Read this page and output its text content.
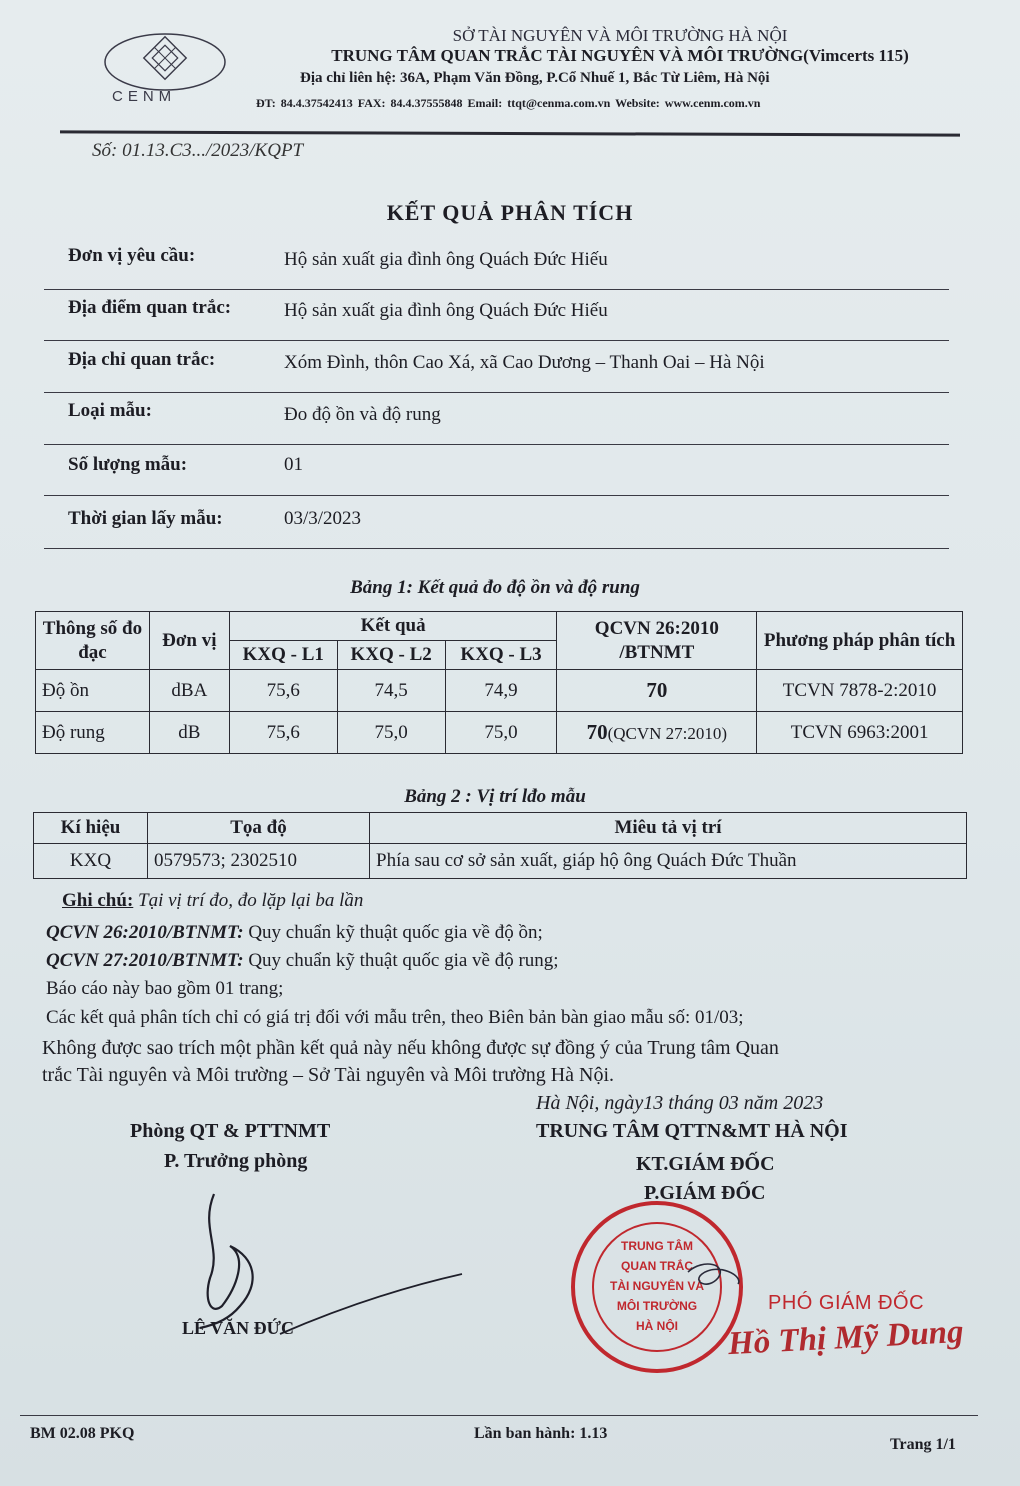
CENM
SỞ TÀI NGUYÊN VÀ MÔI TRƯỜNG HÀ NỘI
TRUNG TÂM QUAN TRẮC TÀI NGUYÊN VÀ MÔI TRƯỜNG(Vimcerts 115)
Địa chỉ liên hệ: 36A, Phạm Văn Đồng, P.Cổ Nhuế 1, Bắc Từ Liêm, Hà Nội
ĐT: 84.4.37542413 FAX: 84.4.37555848 Email: ttqt@cenma.com.vn Website: www.cenm.com.vn
Số: 01.13.C3.../2023/KQPT
KẾT QUẢ PHÂN TÍCH
Đơn vị yêu cầu:	Hộ sản xuất gia đình ông Quách Đức Hiếu
Địa điểm quan trắc:	Hộ sản xuất gia đình ông Quách Đức Hiếu
Địa chỉ quan trắc:	Xóm Đình, thôn Cao Xá, xã Cao Dương – Thanh Oai – Hà Nội
Loại mẫu:	Đo độ ồn và độ rung
Số lượng mẫu:	01
Thời gian lấy mẫu:	03/3/2023
Bảng 1: Kết quả đo độ ồn và độ rung
Thông số đo đạc	Đơn vị	Kết quả			QCVN 26:2010 /BTNMT	Phương pháp phân tích
		KXQ - L1	KXQ - L2	KXQ - L3		
Độ ồn	dBA	75,6	74,5	74,9	70	TCVN 7878-2:2010
Độ rung	dB	75,6	75,0	75,0	70(QCVN 27:2010)	TCVN 6963:2001
Bảng 2 : Vị trí lđo mẫu
Kí hiệu	Tọa độ	Miêu tả vị trí
KXQ	0579573; 2302510	Phía sau cơ sở sản xuất, giáp hộ ông Quách Đức Thuần
Ghi chú: Tại vị trí đo, đo lặp lại ba lần
QCVN 26:2010/BTNMT: Quy chuẩn kỹ thuật quốc gia về độ ồn;
QCVN 27:2010/BTNMT: Quy chuẩn kỹ thuật quốc gia về độ rung;
Báo cáo này bao gồm 01 trang;
Các kết quả phân tích chỉ có giá trị đối với mẫu trên, theo Biên bản bàn giao mẫu số: 01/03;
Không được sao trích một phần kết quả này nếu không được sự đồng ý của Trung tâm Quan
trắc Tài nguyên và Môi trường – Sở Tài nguyên và Môi trường Hà Nội.
Hà Nội, ngày13 tháng 03 năm 2023
Phòng QT & PTTNMT
P. Trưởng phòng
TRUNG TÂM QTTN&MT HÀ NỘI
KT.GIÁM ĐỐC
P.GIÁM ĐỐC
LÊ VĂN ĐỨC
TRUNG TÂM
QUAN TRẮC
TÀI NGUYÊN VÀ
MÔI TRƯỜNG
HÀ NỘI
PHÓ GIÁM ĐỐC
Hồ Thị Mỹ Dung
BM 02.08 PKQ	Lần ban hành: 1.13
Trang 1/1
